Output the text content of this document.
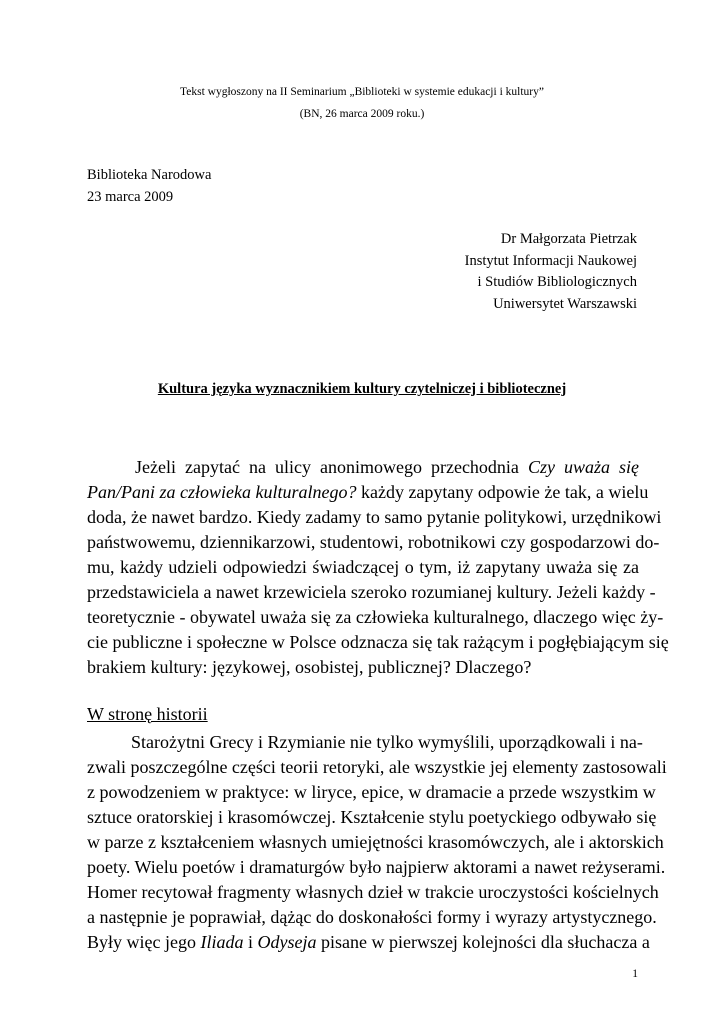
Tekst wygłoszony na II Seminarium „Biblioteki w systemie edukacji i kultury”
(BN, 26 marca 2009 roku.)
Biblioteka Narodowa
23 marca 2009
Dr Małgorzata Pietrzak
Instytut Informacji Naukowej
i Studiów Bibliologicznych
Uniwersytet Warszawski
Kultura języka wyznacznikiem kultury czytelniczej i bibliotecznej
Jeżeli zapytać na ulicy anonimowego przechodnia Czy uważa się
Pan/Pani za człowieka kulturalnego? każdy zapytany odpowie że tak, a wielu
doda, że nawet bardzo. Kiedy zadamy to samo pytanie politykowi, urzędnikowi
państwowemu, dziennikarzowi, studentowi, robotnikowi czy gospodarzowi do-
mu, każdy udzieli odpowiedzi świadczącej o tym, iż zapytany uważa się za
przedstawiciela a nawet krzewiciela szeroko rozumianej kultury. Jeżeli każdy -
teoretycznie - obywatel uważa się za człowieka kulturalnego, dlaczego więc ży-
cie publiczne i społeczne w Polsce odznacza się tak rażącym i pogłębiającym się
brakiem kultury: językowej, osobistej, publicznej? Dlaczego?
W stronę historii
Starożytni Grecy i Rzymianie nie tylko wymyślili, uporządkowali i na-
zwali poszczególne części teorii retoryki, ale wszystkie jej elementy zastosowali
z powodzeniem w praktyce: w liryce, epice, w dramacie a przede wszystkim w
sztuce oratorskiej i krasomówczej. Kształcenie stylu poetyckiego odbywało się
w parze z kształceniem własnych umiejętności krasomówczych, ale i aktorskich
poety. Wielu poetów i dramaturgów było najpierw aktorami a nawet reżyserami.
Homer recytował fragmenty własnych dzieł w trakcie uroczystości kościelnych
a następnie je poprawiał, dążąc do doskonałości formy i wyrazy artystycznego.
Były więc jego Iliada i Odyseja pisane w pierwszej kolejności dla słuchacza a
1
